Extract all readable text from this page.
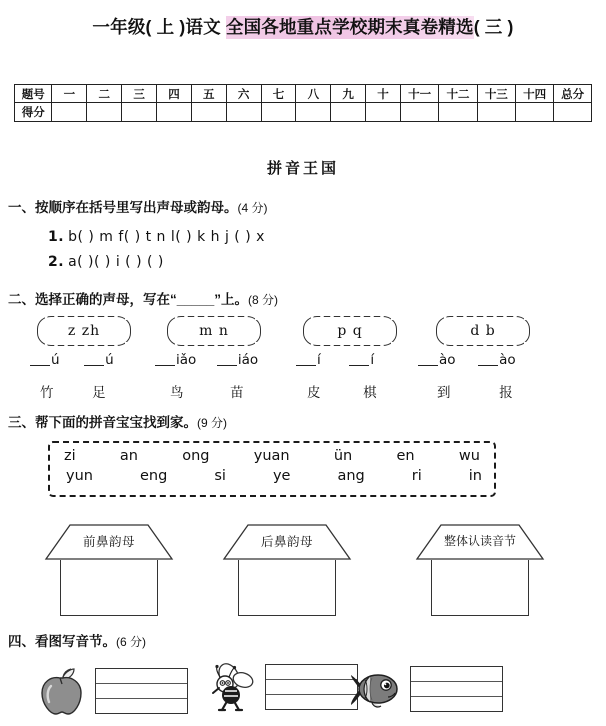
一年级( 上 )语文 全国各地重点学校期末真卷精选( 三 )
题号	一	二	三	四	五	六	七	八	九	十	十一	十二	十三	十四	总分
得分															
拼音王国
一、按顺序在括号里写出声母或韵母。(4 分)
1. b( ) m f( ) t n l( ) k h j ( ) x
2. a( )( ) i ( ) ( )
二、选择正确的声母，写在“_____”上。(8 分)
z zh
ú	ú
竹	足
m n
iǎo	iáo
鸟	苗
p q
í	í
皮	棋
d b
ào	ào
到	报
三、帮下面的拼音宝宝找到家。(9 分)
zi	an	ong	yuan	ün	en	wu
yun	eng	si	ye	ang	ri	in
前鼻韵母	后鼻韵母	整体认读音节
四、看图写音节。(6 分)
